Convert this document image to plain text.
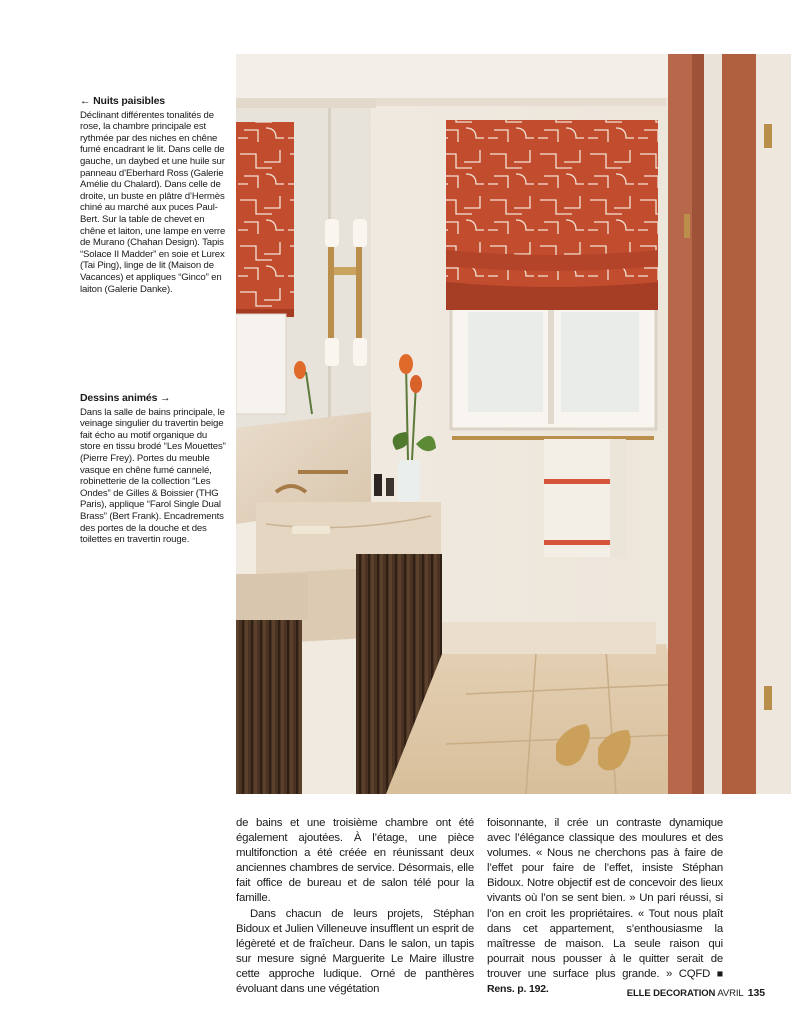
← Nuits paisibles

Déclinant différentes tonalités de rose, la chambre principale est rythmée par des niches en chêne fumé encadrant le lit. Dans celle de gauche, un daybed et une huile sur panneau d’Eberhard Ross (Galerie Amélie du Chalard). Dans celle de droite, un buste en plâtre d’Hermès chiné au marché aux puces Paul-Bert. Sur la table de chevet en chêne et laiton, une lampe en verre de Murano (Chahan Design). Tapis “Solace II Madder” en soie et Lurex (Tai Ping), linge de lit (Maison de Vacances) et appliques “Ginco” en laiton (Galerie Danke).

Dessins animés →

Dans la salle de bains principale, le veinage singulier du travertin beige fait écho au motif organique du store en tissu brodé “Les Mouettes” (Pierre Frey). Portes du meuble vasque en chêne fumé cannelé, robinetterie de la collection “Les Ondes” de Gilles & Boissier (THG Paris), applique “Farol Single Dual Brass” (Bert Frank). Encadrements des portes de la douche et des toilettes en travertin rouge.

de bains et une troisième chambre ont été également ajoutées. À l’étage, une pièce multifonction a été créée en réunissant deux anciennes chambres de service. Désormais, elle fait office de bureau et de salon télé pour la famille.

Dans chacun de leurs projets, Stéphan Bidoux et Julien Villeneuve insufflent un esprit de légèreté et de fraîcheur. Dans le salon, un tapis sur mesure signé Marguerite Le Maire illustre cette approche ludique. Orné de panthères évoluant dans une végétation

foisonnante, il crée un contraste dynamique avec l’élégance classique des moulures et des volumes. « Nous ne cherchons pas à faire de l’effet pour faire de l’effet, insiste Stéphan Bidoux. Notre objectif est de concevoir des lieux vivants où l’on se sent bien. » Un pari réussi, si l’on en croit les propriétaires. « Tout nous plaît dans cet appartement, s’enthousiasme la maîtresse de maison. La seule raison qui pourrait nous pousser à le quitter serait de trouver une surface plus grande. » CQFD ■ Rens. p. 192.	ELLE DECORATION AVRIL 135
